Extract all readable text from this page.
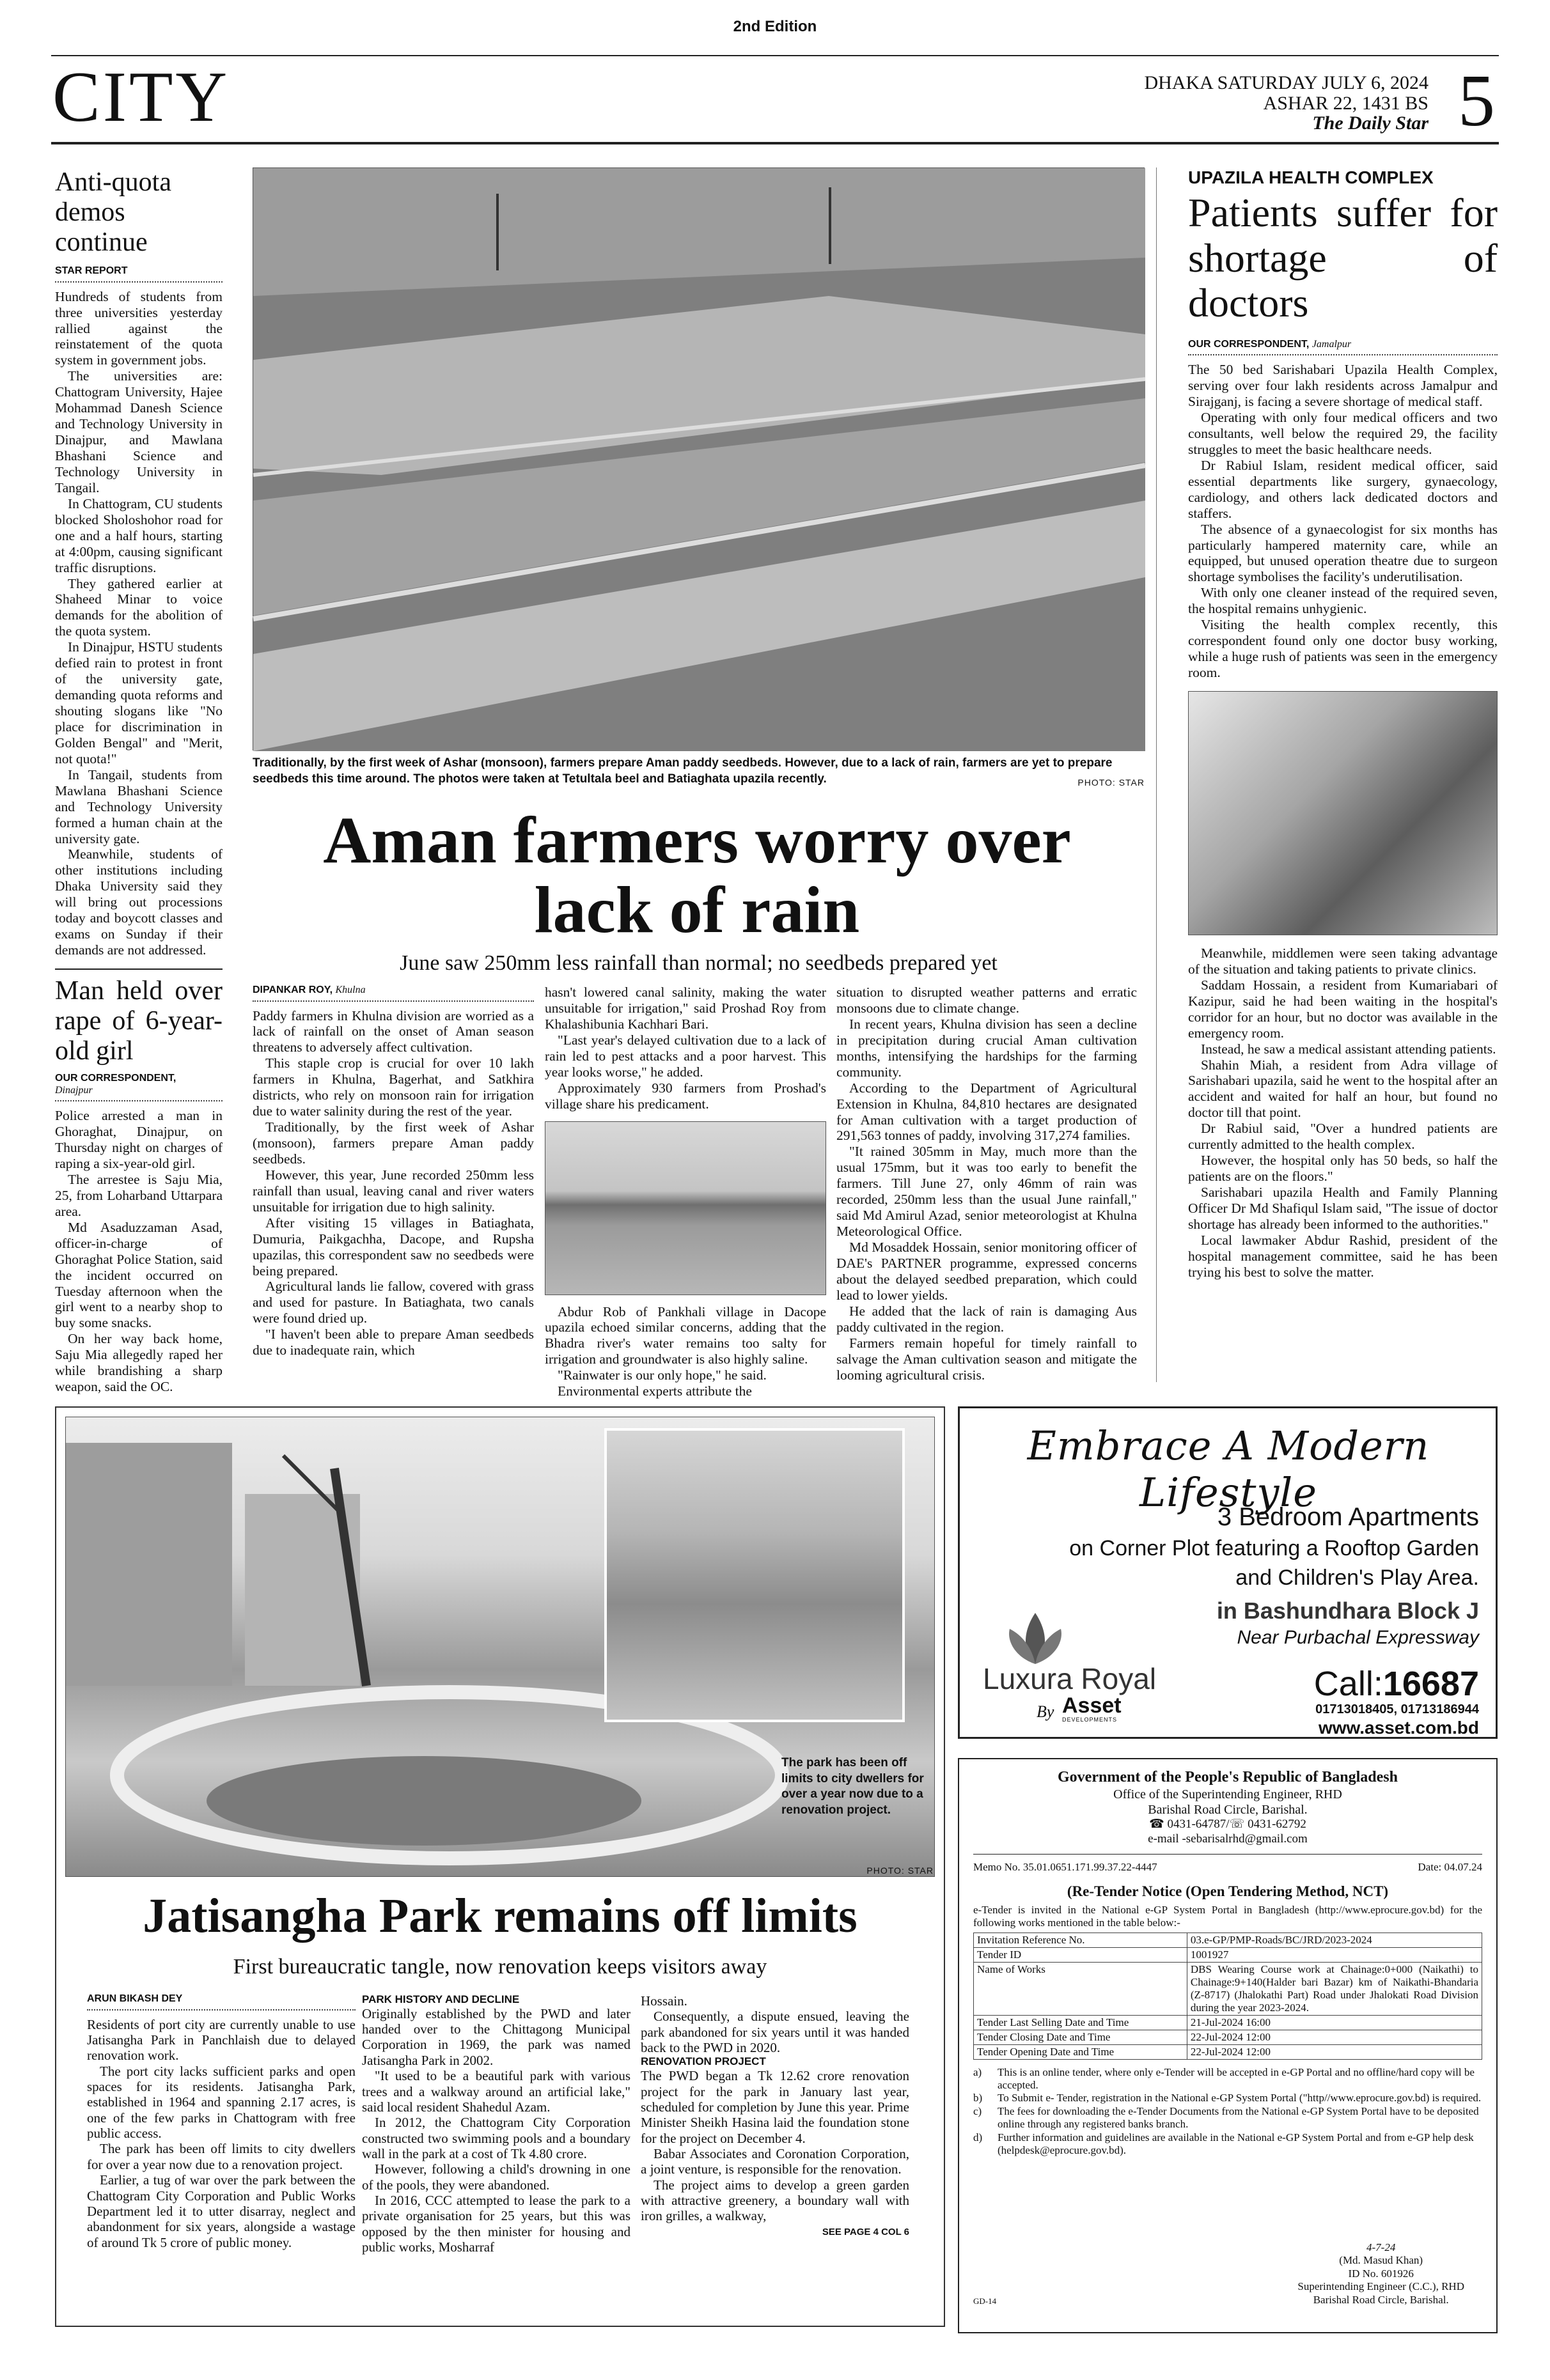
2nd Edition
CITY	DHAKA SATURDAY JULY 6, 2024
ASHAR 22, 1431 BS
The Daily Star 5
Anti-quota demos continue
STAR REPORT

Hundreds of students from three universities yesterday rallied against the reinstatement of the quota system in government jobs.

The universities are: Chattogram University, Hajee Mohammad Danesh Science and Technology University in Dinajpur, and Mawlana Bhashani Science and Technology University in Tangail.

In Chattogram, CU students blocked Sholoshohor road for one and a half hours, starting at 4:00pm, causing significant traffic disruptions.

They gathered earlier at Shaheed Minar to voice demands for the abolition of the quota system.

In Dinajpur, HSTU students defied rain to protest in front of the university gate, demanding quota reforms and shouting slogans like "No place for discrimination in Golden Bengal" and "Merit, not quota!"

In Tangail, students from Mawlana Bhashani Science and Technology University formed a human chain at the university gate.

Meanwhile, students of other institutions including Dhaka University said they will bring out processions today and boycott classes and exams on Sunday if their demands are not addressed.

Man held over rape of 6-year-old girl
OUR CORRESPONDENT,
Dinajpur

Police arrested a man in Ghoraghat, Dinajpur, on Thursday night on charges of raping a six-year-old girl.

The arrestee is Saju Mia, 25, from Loharband Uttarpara area.

Md Asaduzzaman Asad, officer-in-charge of Ghoraghat Police Station, said the incident occurred on Tuesday afternoon when the girl went to a nearby shop to buy some snacks.

On her way back home, Saju Mia allegedly raped her while brandishing a sharp weapon, said the OC.

Traditionally, by the first week of Ashar (monsoon), farmers prepare Aman paddy seedbeds. However, due to a lack of rain, farmers are yet to prepare seedbeds this time around. The photos were taken at Tetultala beel and Batiaghata upazila recently.	PHOTO: STAR
Aman farmers worry over lack of rain
June saw 250mm less rainfall than normal; no seedbeds prepared yet
DIPANKAR ROY, Khulna

Paddy farmers in Khulna division are worried as a lack of rainfall on the onset of Aman season threatens to adversely affect cultivation.

This staple crop is crucial for over 10 lakh farmers in Khulna, Bagerhat, and Satkhira districts, who rely on monsoon rain for irrigation due to water salinity during the rest of the year.

Traditionally, by the first week of Ashar (monsoon), farmers prepare Aman paddy seedbeds.

However, this year, June recorded 250mm less rainfall than usual, leaving canal and river waters unsuitable for irrigation due to high salinity.

After visiting 15 villages in Batiaghata, Dumuria, Paikgachha, Dacope, and Rupsha upazilas, this correspondent saw no seedbeds were being prepared.

Agricultural lands lie fallow, covered with grass and used for pasture. In Batiaghata, two canals were found dried up.

"I haven't been able to prepare Aman seedbeds due to inadequate rain, which

hasn't lowered canal salinity, making the water unsuitable for irrigation," said Proshad Roy from Khalashibunia Kachhari Bari.

"Last year's delayed cultivation due to a lack of rain led to pest attacks and a poor harvest. This year looks worse," he added.

Approximately 930 farmers from Proshad's village share his predicament.

Abdur Rob of Pankhali village in Dacope upazila echoed similar concerns, adding that the Bhadra river's water remains too salty for irrigation and groundwater is also highly saline.

"Rainwater is our only hope," he said.

Environmental experts attribute the

situation to disrupted weather patterns and erratic monsoons due to climate change.

In recent years, Khulna division has seen a decline in precipitation during crucial Aman cultivation months, intensifying the hardships for the farming community.

According to the Department of Agricultural Extension in Khulna, 84,810 hectares are designated for Aman cultivation with a target production of 291,563 tonnes of paddy, involving 317,274 families.

"It rained 305mm in May, much more than the usual 175mm, but it was too early to benefit the farmers. Till June 27, only 46mm of rain was recorded, 250mm less than the usual June rainfall," said Md Amirul Azad, senior meteorologist at Khulna Meteorological Office.

Md Mosaddek Hossain, senior monitoring officer of DAE's PARTNER programme, expressed concerns about the delayed seedbed preparation, which could lead to lower yields.

He added that the lack of rain is damaging Aus paddy cultivated in the region.

Farmers remain hopeful for timely rainfall to salvage the Aman cultivation season and mitigate the looming agricultural crisis.

UPAZILA HEALTH COMPLEX
Patients suffer for shortage of doctors
OUR CORRESPONDENT, Jamalpur

The 50 bed Sarishabari Upazila Health Complex, serving over four lakh residents across Jamalpur and Sirajganj, is facing a severe shortage of medical staff.

Operating with only four medical officers and two consultants, well below the required 29, the facility struggles to meet the basic healthcare needs.

Dr Rabiul Islam, resident medical officer, said essential departments like surgery, gynaecology, cardiology, and others lack dedicated doctors and staffers.

The absence of a gynaecologist for six months has particularly hampered maternity care, while an equipped, but unused operation theatre due to surgeon shortage symbolises the facility's underutilisation.

With only one cleaner instead of the required seven, the hospital remains unhygienic.

Visiting the health complex recently, this correspondent found only one doctor busy working, while a huge rush of patients was seen in the emergency room.

Meanwhile, middlemen were seen taking advantage of the situation and taking patients to private clinics.

Saddam Hossain, a resident from Kumariabari of Kazipur, said he had been waiting in the hospital's corridor for an hour, but no doctor was available in the emergency room.

Instead, he saw a medical assistant attending patients.

Shahin Miah, a resident from Adra village of Sarishabari upazila, said he went to the hospital after an accident and waited for half an hour, but found no doctor till that point.

Dr Rabiul said, "Over a hundred patients are currently admitted to the health complex.

However, the hospital only has 50 beds, so half the patients are on the floors."

Sarishabari upazila Health and Family Planning Officer Dr Md Shafiqul Islam said, "The issue of doctor shortage has already been informed to the authorities."

Local lawmaker Abdur Rashid, president of the hospital management committee, said he has been trying his best to solve the matter.

The park has been off limits to city dwellers for over a year now due to a renovation project.
PHOTO: STAR
Jatisangha Park remains off limits
First bureaucratic tangle, now renovation keeps visitors away
ARUN BIKASH DEY

Residents of port city are currently unable to use Jatisangha Park in Panchlaish due to delayed renovation work.

The port city lacks sufficient parks and open spaces for its residents. Jatisangha Park, established in 1964 and spanning 2.17 acres, is one of the few parks in Chattogram with free public access.

The park has been off limits to city dwellers for over a year now due to a renovation project.

Earlier, a tug of war over the park between the Chattogram City Corporation and Public Works Department led it to utter disarray, neglect and abandonment for six years, alongside a wastage of around Tk 5 crore of public money.

PARK HISTORY AND DECLINE

Originally established by the PWD and later handed over to the Chittagong Municipal Corporation in 1969, the park was named Jatisangha Park in 2002.

"It used to be a beautiful park with various trees and a walkway around an artificial lake," said local resident Shahedul Azam.

In 2012, the Chattogram City Corporation constructed two swimming pools and a boundary wall in the park at a cost of Tk 4.80 crore.

However, following a child's drowning in one of the pools, they were abandoned.

In 2016, CCC attempted to lease the park to a private organisation for 25 years, but this was opposed by the then minister for housing and public works, Mosharraf

Hossain.

Consequently, a dispute ensued, leaving the park abandoned for six years until it was handed back to the PWD in 2020.

RENOVATION PROJECT

The PWD began a Tk 12.62 crore renovation project for the park in January last year, scheduled for completion by June this year. Prime Minister Sheikh Hasina laid the foundation stone for the project on December 4.

Babar Associates and Coronation Corporation, a joint venture, is responsible for the renovation.

The project aims to develop a green garden with attractive greenery, a boundary wall with iron grilles, a walkway,

SEE PAGE 4 COL 6
Embrace A Modern Lifestyle
3 Bedroom Apartments
on Corner Plot featuring a Rooftop Garden
and Children's Play Area.
in Bashundhara Block J
Near Purbachal Expressway
Luxura Royal
By Asset
DEVELOPMENTS
Call:16687
01713018405, 01713186944
www.asset.com.bd
Government of the People's Republic of Bangladesh
Office of the Superintending Engineer, RHD
Barishal Road Circle, Barishal.
☎ 0431-64787/☏ 0431-62792
e-mail -sebarisalrhd@gmail.com
Memo No. 35.01.0651.171.99.37.22-4447	Date: 04.07.24
(Re-Tender Notice (Open Tendering Method, NCT)
e-Tender is invited in the National e-GP System Portal in Bangladesh (http://www.eprocure.gov.bd) for the following works mentioned in the table below:-
Invitation Reference No.	03.e-GP/PMP-Roads/BC/JRD/2023-2024
Tender ID	1001927
Name of Works	DBS Wearing Course work at Chainage:0+000 (Naikathi) to Chainage:9+140(Halder bari Bazar) km of Naikathi-Bhandaria (Z-8717) (Jhalokathi Part) Road under Jhalokati Road Division during the year 2023-2024.
Tender Last Selling Date and Time	21-Jul-2024 16:00
Tender Closing Date and Time	22-Jul-2024 12:00
Tender Opening Date and Time	22-Jul-2024 12:00
a)	This is an online tender, where only e-Tender will be accepted in e-GP Portal and no offline/hard copy will be accepted.
b)	To Submit e- Tender, registration in the National e-GP System Portal ("http//www.eprocure.gov.bd) is required.
c)	The fees for downloading the e-Tender Documents from the National e-GP System Portal have to be deposited online through any registered banks branch.
d)	Further information and guidelines are available in the National e-GP System Portal and from e-GP help desk (helpdesk@eprocure.gov.bd).
4-7-24
(Md. Masud Khan)
ID No. 601926
Superintending Engineer (C.C.), RHD
Barishal Road Circle, Barishal.
GD-14
